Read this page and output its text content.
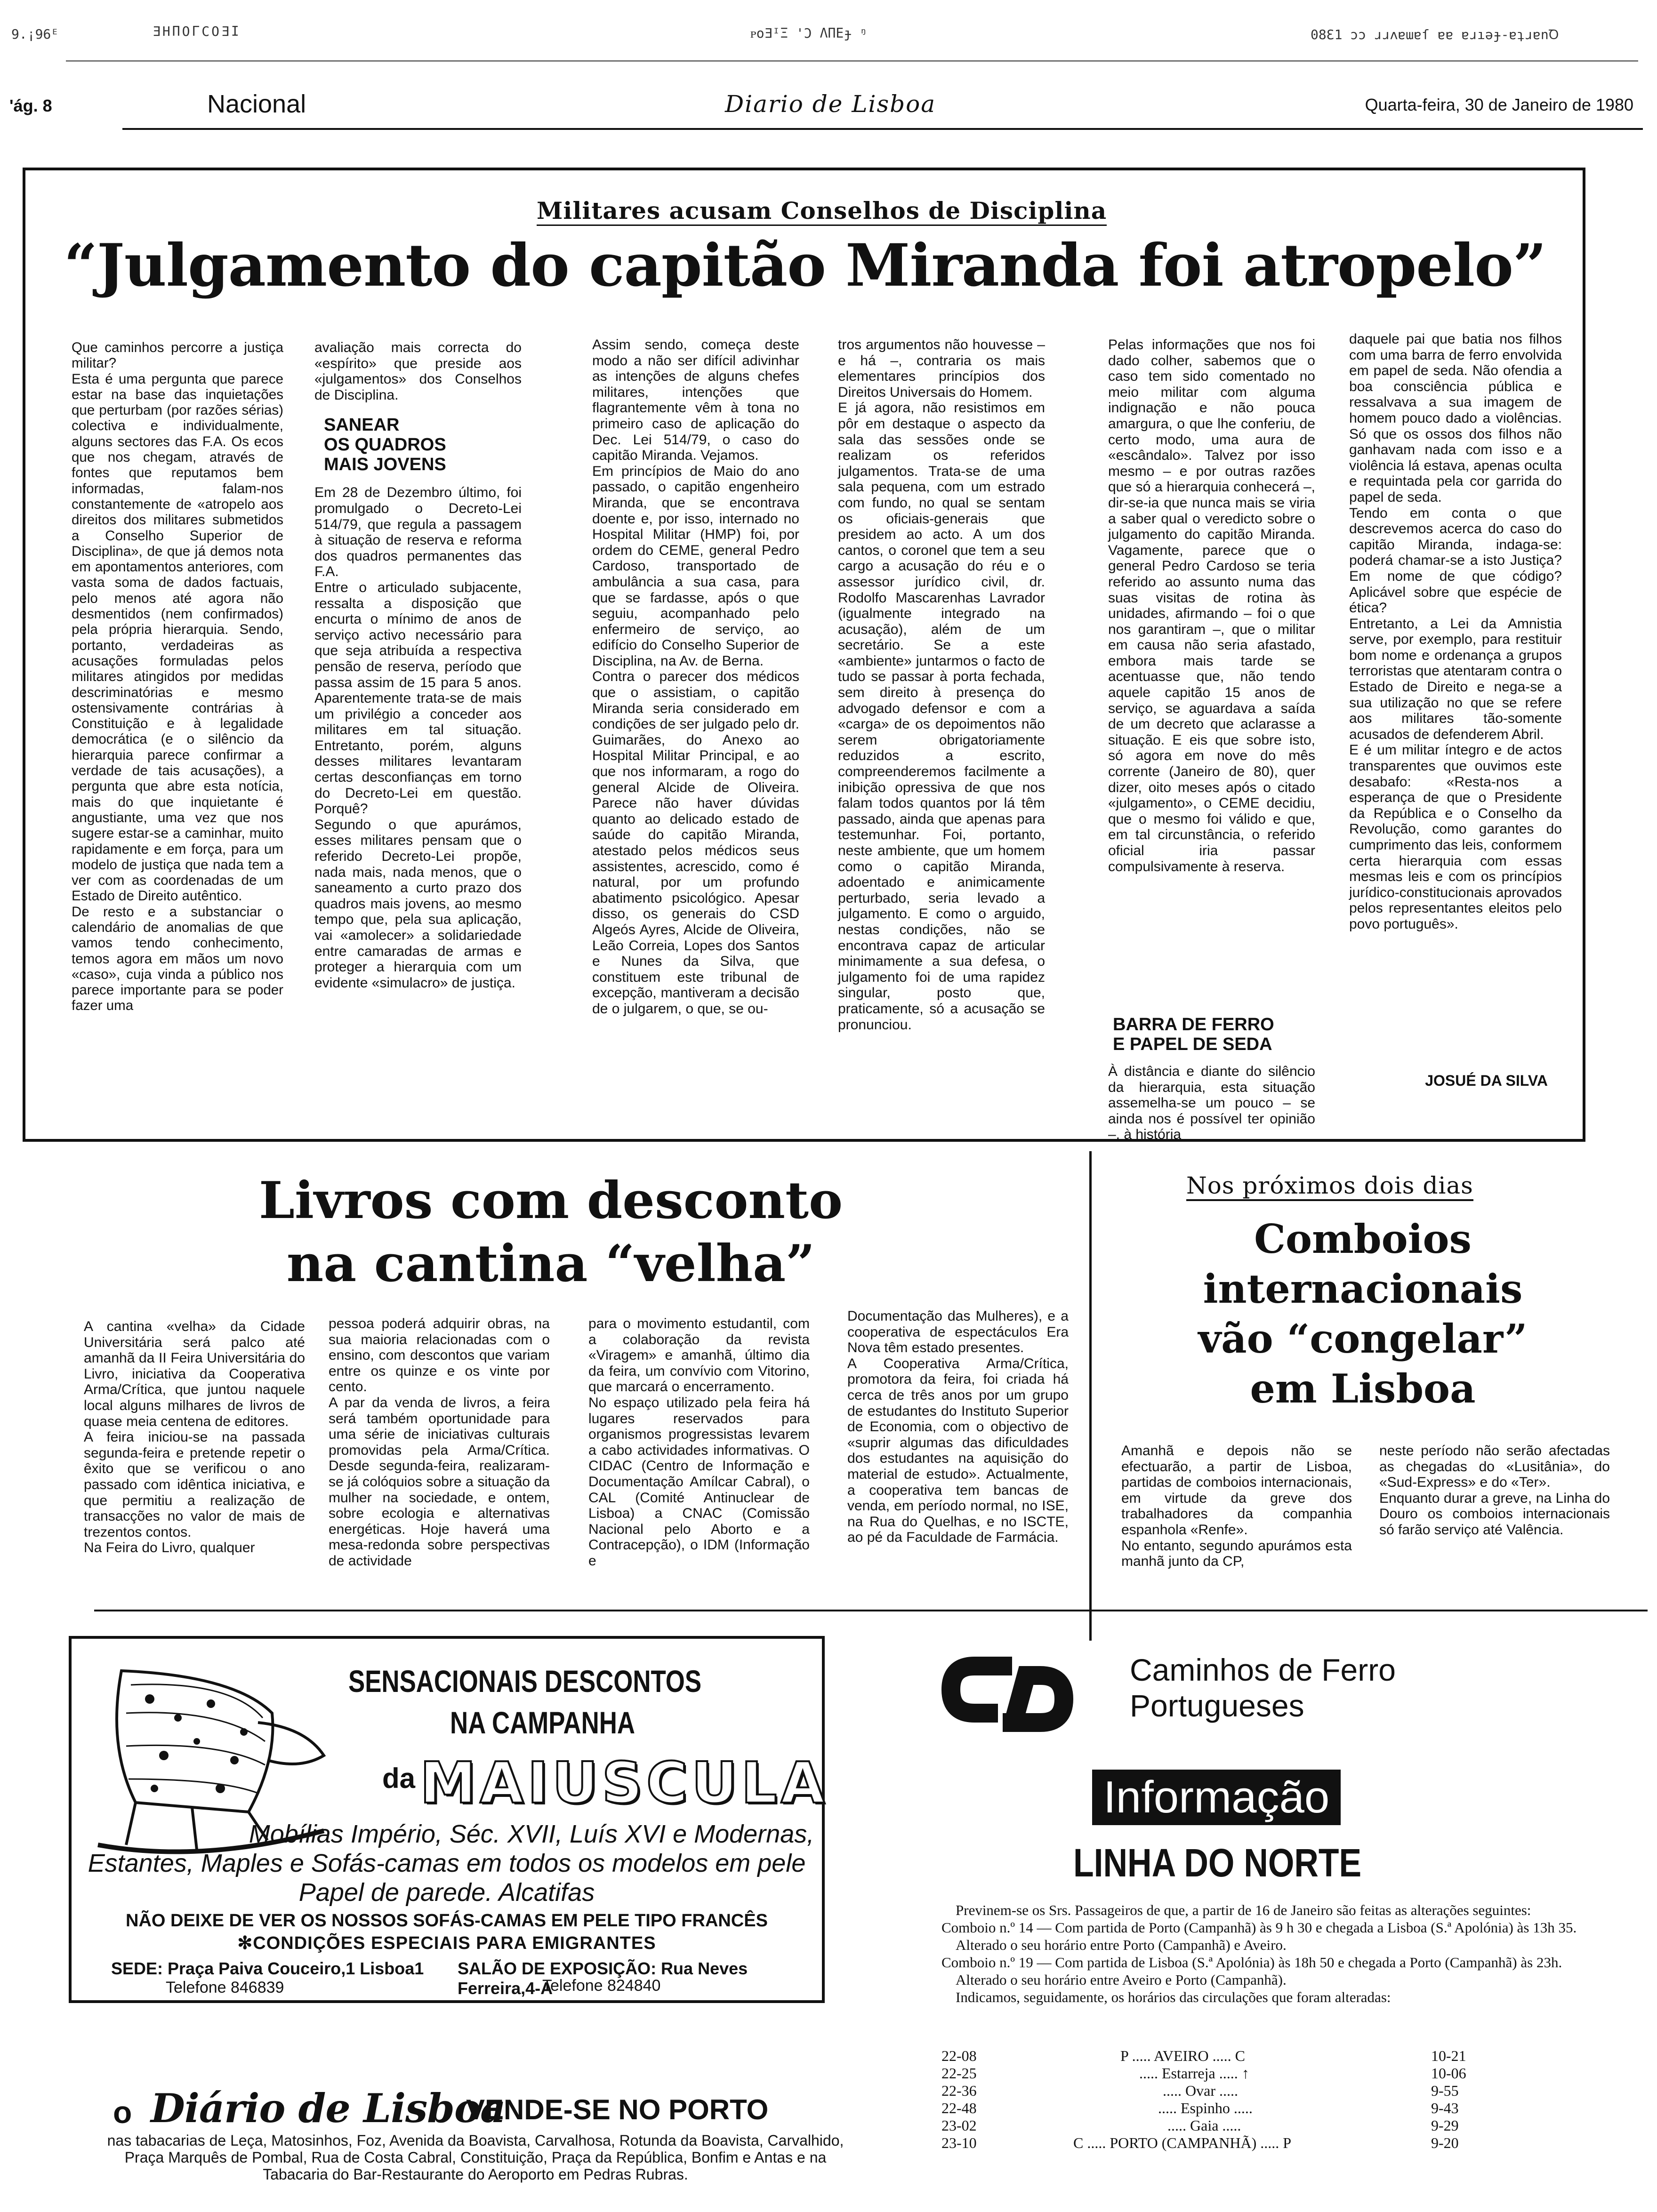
9.¡96ᴱ	ƎHΠOΓCOƎΙ	ᴘoƎᴵΞ 'Ɔ ΛΠΕɟ ᵑ	08Ɛ1 ɔɔ ɹɹʌɐɯɐſ ɐɐ ɐɹıǝɟ-ɐʇɹɐnꝹ
'ág. 8	Nacional	Diario de Lisboa	Quarta-feira, 30 de Janeiro de 1980
Militares acusam Conselhos de Disciplina
“Julgamento do capitão Miranda foi atropelo”
Que caminhos percorre a justiça militar?
Esta é uma pergunta que parece estar na base das inquietações que perturbam (por razões sérias) colectiva e individualmente, alguns sectores das F.A. Os ecos que nos chegam, através de fontes que reputamos bem informadas, falam-nos constantemente de «atropelo aos direitos dos militares submetidos a Conselho Superior de Disciplina», de que já demos nota em apontamentos anteriores, com vasta soma de dados factuais, pelo menos até agora não desmentidos (nem confirmados) pela própria hierarquia. Sendo, portanto, verdadeiras as acusações formuladas pelos militares atingidos por medidas descriminatórias e mesmo ostensivamente contrárias à Constituição e à legalidade democrática (e o silêncio da hierarquia parece confirmar a verdade de tais acusações), a pergunta que abre esta notícia, mais do que inquietante é angustiante, uma vez que nos sugere estar-se a caminhar, muito rapidamente e em força, para um modelo de justiça que nada tem a ver com as coordenadas de um Estado de Direito autêntico.
De resto e a substanciar o calendário de anomalias de que vamos tendo conhecimento, temos agora em mãos um novo «caso», cuja vinda a público nos parece importante para se poder fazer uma
avaliação mais correcta do «espírito» que preside aos «julgamentos» dos Conselhos de Disciplina.
SANEAR
OS QUADROS
MAIS JOVENS
Em 28 de Dezembro último, foi promulgado o Decreto-Lei 514/79, que regula a passagem à situação de reserva e reforma dos quadros permanentes das F.A.
Entre o articulado subjacente, ressalta a disposição que encurta o mínimo de anos de serviço activo necessário para que seja atribuída a respectiva pensão de reserva, período que passa assim de 15 para 5 anos. Aparentemente trata-se de mais um privilégio a conceder aos militares em tal situação. Entretanto, porém, alguns desses militares levantaram certas desconfianças em torno do Decreto-Lei em questão. Porquê?
Segundo o que apurámos, esses militares pensam que o referido Decreto-Lei propõe, nada mais, nada menos, que o saneamento a curto prazo dos quadros mais jovens, ao mesmo tempo que, pela sua aplicação, vai «amolecer» a solidariedade entre camaradas de armas e proteger a hierarquia com um evidente «simulacro» de justiça.
Assim sendo, começa deste modo a não ser difícil adivinhar as intenções de alguns chefes militares, intenções que flagrantemente vêm à tona no primeiro caso de aplicação do Dec. Lei 514/79, o caso do capitão Miranda. Vejamos.
Em princípios de Maio do ano passado, o capitão engenheiro Miranda, que se encontrava doente e, por isso, internado no Hospital Militar (HMP) foi, por ordem do CEME, general Pedro Cardoso, transportado de ambulância a sua casa, para que se fardasse, após o que seguiu, acompanhado pelo enfermeiro de serviço, ao edifício do Conselho Superior de Disciplina, na Av. de Berna.
Contra o parecer dos médicos que o assistiam, o capitão Miranda seria considerado em condições de ser julgado pelo dr. Guimarães, do Anexo ao Hospital Militar Principal, e ao que nos informaram, a rogo do general Alcide de Oliveira. Parece não haver dúvidas quanto ao delicado estado de saúde do capitão Miranda, atestado pelos médicos seus assistentes, acrescido, como é natural, por um profundo abatimento psicológico. Apesar disso, os generais do CSD Algeós Ayres, Alcide de Oliveira, Leão Correia, Lopes dos Santos e Nunes da Silva, que constituem este tribunal de excepção, mantiveram a decisão de o julgarem, o que, se ou-
tros argumentos não houvesse – e há –, contraria os mais elementares princípios dos Direitos Universais do Homem.
E já agora, não resistimos em pôr em destaque o aspecto da sala das sessões onde se realizam os referidos julgamentos. Trata-se de uma sala pequena, com um estrado com fundo, no qual se sentam os oficiais-generais que presidem ao acto. A um dos cantos, o coronel que tem a seu cargo a acusação do réu e o assessor jurídico civil, dr. Rodolfo Mascarenhas Lavrador (igualmente integrado na acusação), além de um secretário. Se a este «ambiente» juntarmos o facto de tudo se passar à porta fechada, sem direito à presença do advogado defensor e com a «carga» de os depoimentos não serem obrigatoriamente reduzidos a escrito, compreenderemos facilmente a inibição opressiva de que nos falam todos quantos por lá têm passado, ainda que apenas para testemunhar. Foi, portanto, neste ambiente, que um homem como o capitão Miranda, adoentado e animicamente perturbado, seria levado a julgamento. E como o arguido, nestas condições, não se encontrava capaz de articular minimamente a sua defesa, o julgamento foi de uma rapidez singular, posto que, praticamente, só a acusação se pronunciou.
Pelas informações que nos foi dado colher, sabemos que o caso tem sido comentado no meio militar com alguma indignação e não pouca amargura, o que lhe conferiu, de certo modo, uma aura de «escândalo». Talvez por isso mesmo – e por outras razões que só a hierarquia conhecerá –, dir-se-ia que nunca mais se viria a saber qual o veredicto sobre o julgamento do capitão Miranda. Vagamente, parece que o general Pedro Cardoso se teria referido ao assunto numa das suas visitas de rotina às unidades, afirmando – foi o que nos garantiram –, que o militar em causa não seria afastado, embora mais tarde se acentuasse que, não tendo aquele capitão 15 anos de serviço, se aguardava a saída de um decreto que aclarasse a situação. E eis que sobre isto, só agora em nove do mês corrente (Janeiro de 80), quer dizer, oito meses após o citado «julgamento», o CEME decidiu, que o mesmo foi válido e que, em tal circunstância, o referido oficial iria passar compulsivamente à reserva.
BARRA DE FERRO
E PAPEL DE SEDA
À distância e diante do silêncio da hierarquia, esta situação assemelha-se um pouco – se ainda nos é possível ter opinião –, à história
daquele pai que batia nos filhos com uma barra de ferro envolvida em papel de seda. Não ofendia a boa consciência pública e ressalvava a sua imagem de homem pouco dado a violências. Só que os ossos dos filhos não ganhavam nada com isso e a violência lá estava, apenas oculta e requintada pela cor garrida do papel de seda.
Tendo em conta o que descrevemos acerca do caso do capitão Miranda, indaga-se: poderá chamar-se a isto Justiça? Em nome de que código? Aplicável sobre que espécie de ética?
Entretanto, a Lei da Amnistia serve, por exemplo, para restituir bom nome e ordenança a grupos terroristas que atentaram contra o Estado de Direito e nega-se a sua utilização no que se refere aos militares tão-somente acusados de defenderem Abril.
E é um militar íntegro e de actos transparentes que ouvimos este desabafo: «Resta-nos a esperança de que o Presidente da República e o Conselho da Revolução, como garantes do cumprimento das leis, conformem certa hierarquia com essas mesmas leis e com os princípios jurídico-constitucionais aprovados pelos representantes eleitos pelo povo português».
JOSUÉ DA SILVA
Livros com desconto
na cantina “velha”
A cantina «velha» da Cidade Universitária será palco até amanhã da II Feira Universitária do Livro, iniciativa da Cooperativa Arma/Crítica, que juntou naquele local alguns milhares de livros de quase meia centena de editores.
A feira iniciou-se na passada segunda-feira e pretende repetir o êxito que se verificou o ano passado com idêntica iniciativa, e que permitiu a realização de transacções no valor de mais de trezentos contos.
Na Feira do Livro, qualquer
pessoa poderá adquirir obras, na sua maioria relacionadas com o ensino, com descontos que variam entre os quinze e os vinte por cento.
A par da venda de livros, a feira será também oportunidade para uma série de iniciativas culturais promovidas pela Arma/Crítica. Desde segunda-feira, realizaram-se já colóquios sobre a situação da mulher na sociedade, e ontem, sobre ecologia e alternativas energéticas. Hoje haverá uma mesa-redonda sobre perspectivas de actividade
para o movimento estudantil, com a colaboração da revista «Viragem» e amanhã, último dia da feira, um convívio com Vitorino, que marcará o encerramento.
No espaço utilizado pela feira há lugares reservados para organismos progressistas levarem a cabo actividades informativas. O CIDAC (Centro de Informação e Documentação Amílcar Cabral), o CAL (Comité Antinuclear de Lisboa) a CNAC (Comissão Nacional pelo Aborto e a Contracepção), o IDM (Informação e
Documentação das Mulheres), e a cooperativa de espectáculos Era Nova têm estado presentes.
A Cooperativa Arma/Crítica, promotora da feira, foi criada há cerca de três anos por um grupo de estudantes do Instituto Superior de Economia, com o objectivo de «suprir algumas das dificuldades dos estudantes na aquisição do material de estudo». Actualmente, a cooperativa tem bancas de venda, em período normal, no ISE, na Rua do Quelhas, e no ISCTE, ao pé da Faculdade de Farmácia.
Nos próximos dois dias
Comboios
internacionais
vão “congelar”
em Lisboa
Amanhã e depois não se efectuarão, a partir de Lisboa, partidas de comboios internacionais, em virtude da greve dos trabalhadores da companhia espanhola «Renfe».
No entanto, segundo apurámos esta manhã junto da CP,
neste período não serão afectadas as chegadas do «Lusitânia», do «Sud-Express» e do «Ter».
Enquanto durar a greve, na Linha do Douro os comboios internacionais só farão serviço até Valência.
SENSACIONAIS DESCONTOS
NA CAMPANHA
da MAIUSCULA
Mobílias Império, Séc. XVII, Luís XVI e Modernas,
Estantes, Maples e Sofás-camas em todos os modelos em pele
Papel de parede. Alcatifas
NÃO DEIXE DE VER OS NOSSOS SOFÁS-CAMAS EM PELE TIPO FRANCÊS
✻CONDIÇÕES ESPECIAIS PARA EMIGRANTES
SEDE: Praça Paiva Couceiro,1 Lisboa1 SALÃO DE EXPOSIÇÃO: Rua Neves Ferreira,4-A
Telefone 846839	Telefone 824840
o Diário de Lisboa
VENDE-SE NO PORTO
nas tabacarias de Leça, Matosinhos, Foz, Avenida da Boavista, Carvalhosa, Rotunda da Boavista, Carvalhido, Praça Marquês de Pombal, Rua de Costa Cabral, Constituição, Praça da República, Bonfim e Antas e na Tabacaria do Bar-Restaurante do Aeroporto em Pedras Rubras.
Caminhos de Ferro
Portugueses
Informação
LINHA DO NORTE
Previnem-se os Srs. Passageiros de que, a partir de 16 de Janeiro são feitas as alterações seguintes:
Comboio n.º 14 — Com partida de Porto (Campanhã) às 9 h 30 e chegada a Lisboa (S.ª Apolónia) às 13h 35.
Alterado o seu horário entre Porto (Campanhã) e Aveiro.
Comboio n.º 19 — Com partida de Lisboa (S.ª Apolónia) às 18h 50 e chegada a Porto (Campanhã) às 23h.
Alterado o seu horário entre Aveiro e Porto (Campanhã).
Indicamos, seguidamente, os horários das circulações que foram alteradas:
22-08	P ..... AVEIRO ..... C	10-21
22-25	..... Estarreja ..... ↑	10-06
22-36	..... Ovar .....	9-55
22-48	..... Espinho .....	9-43
23-02	..... Gaia .....	9-29
23-10	C ..... PORTO (CAMPANHÃ) ..... P	9-20
